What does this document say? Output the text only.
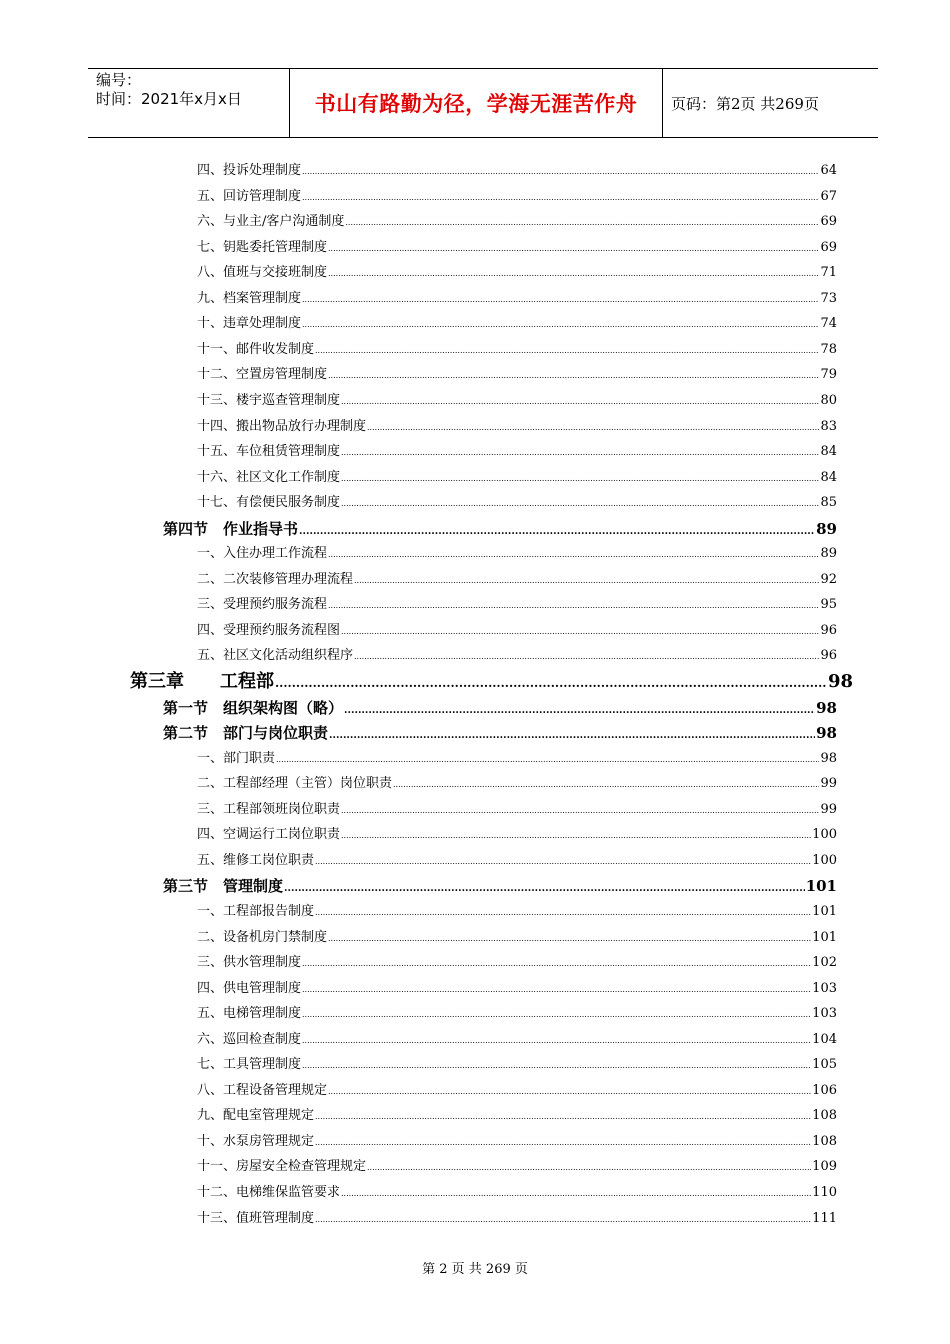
编号：
时间：2021年x月x日	书山有路勤为径，学海无涯苦作舟	页码：第2页 共269页
四、投诉处理制度 .....	64
五、回访管理制度 .....	67
六、与业主/客户沟通制度 .....	69
七、钥匙委托管理制度 .....	69
八、值班与交接班制度 .....	71
九、档案管理制度 .....	73
十、违章处理制度 .....	74
十一、邮件收发制度 .....	78
十二、空置房管理制度 .....	79
十三、楼宇巡查管理制度 .....	80
十四、搬出物品放行办理制度 .....	83
十五、车位租赁管理制度 .....	84
十六、社区文化工作制度 .....	84
十七、有偿便民服务制度 .....	85
第四节　作业指导书 .....	89
一、入住办理工作流程 .....	89
二、二次装修管理办理流程 .....	92
三、受理预约服务流程 .....	95
四、受理预约服务流程图 .....	96
五、社区文化活动组织程序 .....	96
第三章　　工程部 .....	98
第一节　组织架构图（略） .....	98
第二节　部门与岗位职责 .....	98
一、部门职责 .....	98
二、工程部经理（主管）岗位职责 .....	99
三、工程部领班岗位职责 .....	99
四、空调运行工岗位职责 .....	100
五、维修工岗位职责 .....	100
第三节　管理制度 .....	101
一、工程部报告制度 .....	101
二、设备机房门禁制度 .....	101
三、供水管理制度 .....	102
四、供电管理制度 .....	103
五、电梯管理制度 .....	103
六、巡回检查制度 .....	104
七、工具管理制度 .....	105
八、工程设备管理规定 .....	106
九、配电室管理规定 .....	108
十、水泵房管理规定 .....	108
十一、房屋安全检查管理规定 .....	109
十二、电梯维保监管要求 .....	110
十三、值班管理制度 .....	111
第 2 页 共 269 页
